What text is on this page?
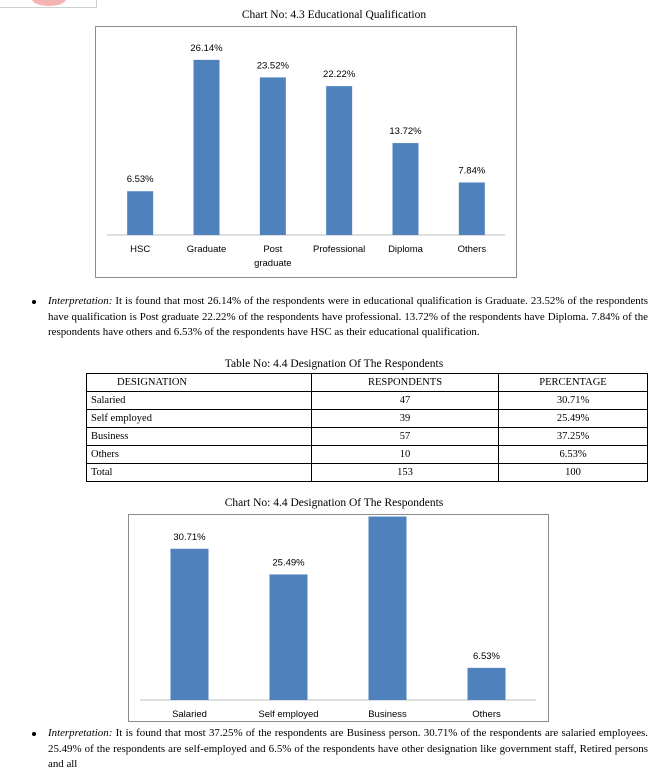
Chart No: 4.3 Educational Qualification
6.53%
HSC
26.14%
Graduate
23.52%
Post
graduate
22.22%
Professional
13.72%
Diploma
7.84%
Others
Interpretation: It is found that most 26.14% of the respondents were in educational qualification is Graduate. 23.52% of the respondents have qualification is Post graduate 22.22% of the respondents have professional. 13.72% of the respondents have Diploma. 7.84% of the respondents have others and 6.53% of the respondents have HSC as their educational qualification.
Table No: 4.4 Designation Of The Respondents
DESIGNATION	RESPONDENTS	PERCENTAGE
Salaried	47	30.71%
Self employed	39	25.49%
Business	57	37.25%
Others	10	6.53%
Total	153	100
Chart No: 4.4 Designation Of The Respondents
30.71%
Salaried
25.49%
Self employed	Business
6.53%
Others
Interpretation: It is found that most 37.25% of the respondents are Business person. 30.71% of the respondents are salaried employees. 25.49% of the respondents are self-employed and 6.5% of the respondents have other designation like government staff, Retired persons and all
